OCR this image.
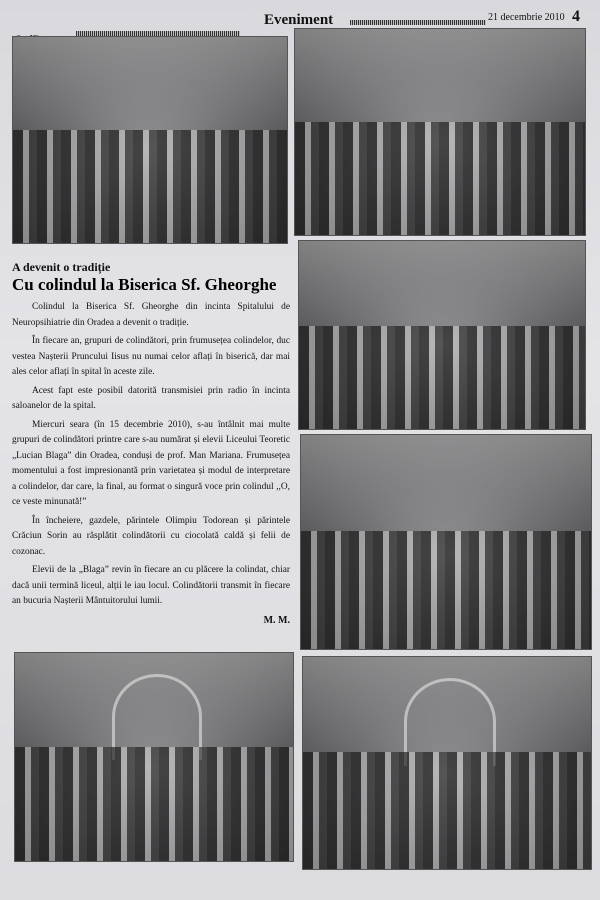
Eveniment	21 decembrie 2010 4
A devenit o tradiție
Cu colindul la Biserica Sf. Gheorghe

Colindul la Biserica Sf. Gheorghe din incinta Spitalului de Neuropsihiatrie din Oradea a devenit o tradiție.

În fiecare an, grupuri de colindători, prin frumusețea colindelor, duc vestea Nașterii Pruncului Iisus nu numai celor aflați în biserică, dar mai ales celor aflați în spital în aceste zile.

Acest fapt este posibil datorită transmisiei prin radio în incinta saloanelor de la spital.

Miercuri seara (în 15 decembrie 2010), s-au întâlnit mai multe grupuri de colindători printre care s-au numărat și elevii Liceului Teoretic „Lucian Blaga” din Oradea, conduși de prof. Man Mariana. Frumusețea momentului a fost impresionantă prin varietatea și modul de interpretare a colindelor, dar care, la final, au format o singură voce prin colindul ,,O, ce veste minunată!”

În încheiere, gazdele, părintele Olimpiu Todorean și părintele Crăciun Sorin au răsplătit colindătorii cu ciocolată caldă și felii de cozonac.

Elevii de la „Blaga” revin în fiecare an cu plăcere la colindat, chiar dacă unii termină liceul, alții le iau locul. Colindătorii transmit în fiecare an bucuria Nașterii Mântuitorului lumii.

M. M.
